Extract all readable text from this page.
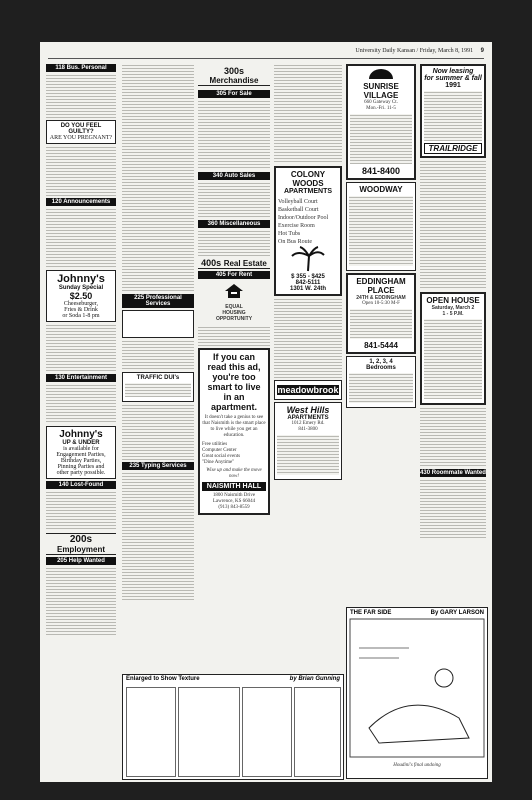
University Daily Kansan / Friday, March 8, 1991 9
118 Bus. Personal
DO YOU FEEL GUILTY?
ARE YOU PREGNANT?
120 Announcements
Johnny's
Sunday Special
$2.50
Cheeseburger,
Fries & Drink
or Soda 1-8 pm
130 Entertainment
Johnny's
UP & UNDER
is available for
Engagement Parties,
Birthday Parties,
Pinning Parties and
other party possible.
140 Lost-Found
200s
Employment
205 Help Wanted
225 Professional Services
TRAFFIC DUI's
235 Typing Services
300s
Merchandise
305 For Sale
340 Auto Sales
360 Miscellaneous
400s Real Estate
405 For Rent
EQUAL
HOUSING
OPPORTUNITY
If you can
read this ad,
you're too
smart to live
in an
apartment.
It doesn't take a genius to see that Naismith is the smart place to live while you get an education.
Free utilities
Computer Center
Great social events
"Dine Anytime"
Wise up and make the move now!
NAISMITH HALL
1800 Naismith Drive
Lawrence, KS 66044
(913) 843-8559
COLONY WOODS
APARTMENTS
Volleyball Court
Basketball Court
Indoor/Outdoor Pool
Exercise Room
Hot Tubs
On Bus Route
$ 355 - $425
842-5111
1301 W. 24th
meadowbrook
West Hills
APARTMENTS
1012 Emery Rd.
841-3800
SUNRISE
VILLAGE
660 Gateway Ct.
Mon.-Fri. 11-5
841-8400
WOODWAY
EDDINGHAM
PLACE
24TH & EDDINGHAM
Open 10-5:30 M-F
841-5444
1, 2, 3, 4
Bedrooms
Now leasing
for summer & fall
1991
TRAILRIDGE
OPEN HOUSE
Saturday, March 2
1 - 5 P.M.
430 Roommate Wanted
Enlarged to Show Texture	by Brian Gunning
THE FAR SIDE	By GARY LARSON
Houdini's final undoing
